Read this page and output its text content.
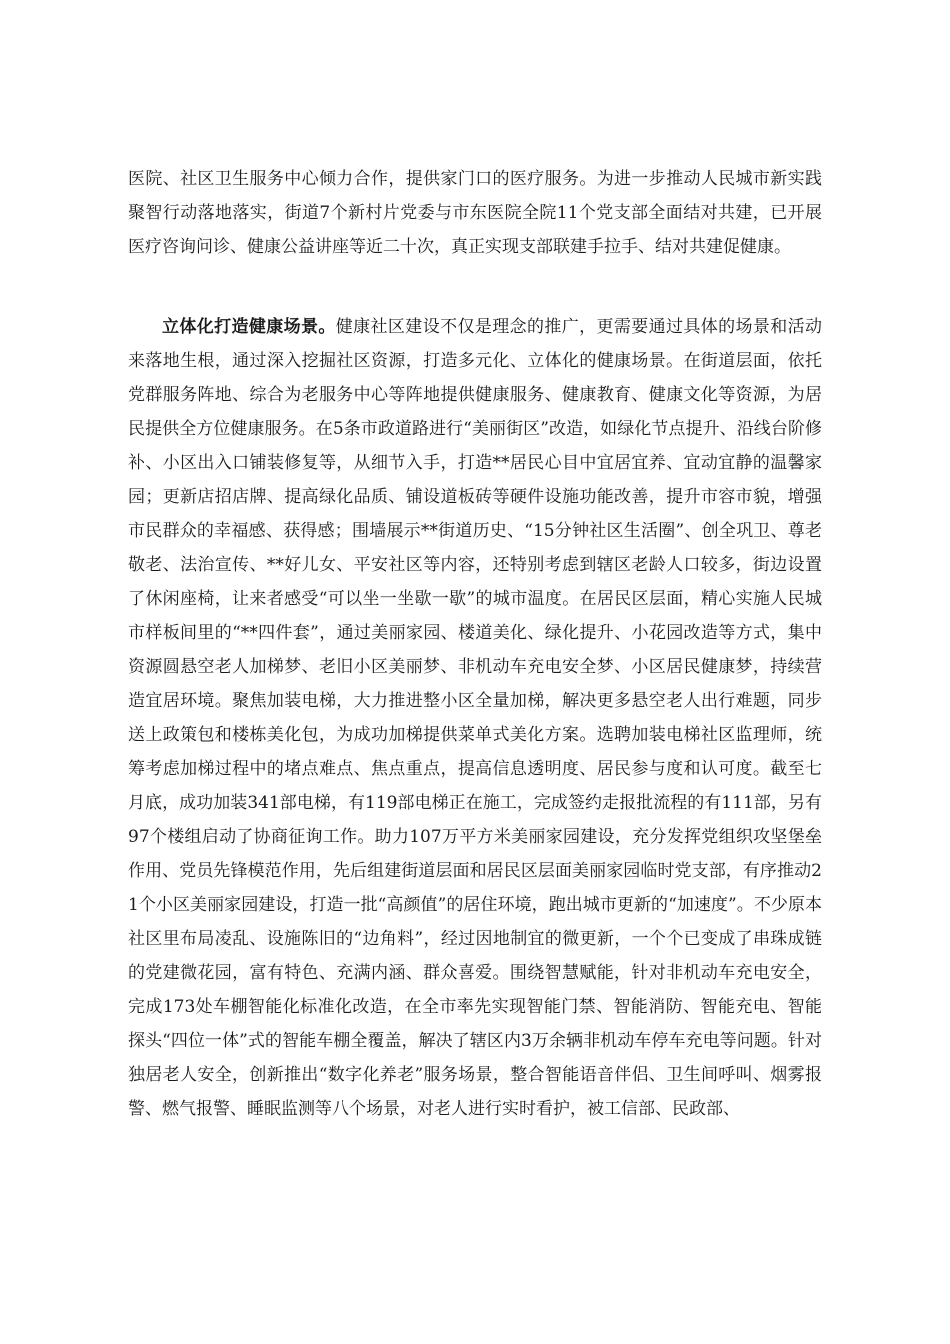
医院、社区卫生服务中心倾力合作，提供家门口的医疗服务。为进一步推动人民城市新实践聚智行动落地落实，街道7个新村片党委与市东医院全院11个党支部全面结对共建，已开展医疗咨询问诊、健康公益讲座等近二十次，真正实现支部联建手拉手、结对共建促健康。

立体化打造健康场景。健康社区建设不仅是理念的推广，更需要通过具体的场景和活动来落地生根，通过深入挖掘社区资源，打造多元化、立体化的健康场景。在街道层面，依托党群服务阵地、综合为老服务中心等阵地提供健康服务、健康教育、健康文化等资源，为居民提供全方位健康服务。在5条市政道路进行“美丽街区”改造，如绿化节点提升、沿线台阶修补、小区出入口铺装修复等，从细节入手，打造**居民心目中宜居宜养、宜动宜静的温馨家园；更新店招店牌、提高绿化品质、铺设道板砖等硬件设施功能改善，提升市容市貌，增强市民群众的幸福感、获得感；围墙展示**街道历史、“15分钟社区生活圈”、创全巩卫、尊老敬老、法治宣传、**好儿女、平安社区等内容，还特别考虑到辖区老龄人口较多，街边设置了休闲座椅，让来者感受“可以坐一坐歇一歇”的城市温度。在居民区层面，精心实施人民城市样板间里的“**四件套”，通过美丽家园、楼道美化、绿化提升、小花园改造等方式，集中资源圆悬空老人加梯梦、老旧小区美丽梦、非机动车充电安全梦、小区居民健康梦，持续营造宜居环境。聚焦加装电梯，大力推进整小区全量加梯，解决更多悬空老人出行难题，同步送上政策包和楼栋美化包，为成功加梯提供菜单式美化方案。选聘加装电梯社区监理师，统筹考虑加梯过程中的堵点难点、焦点重点，提高信息透明度、居民参与度和认可度。截至七月底，成功加装341部电梯，有119部电梯正在施工，完成签约走报批流程的有111部，另有97个楼组启动了协商征询工作。助力107万平方米美丽家园建设，充分发挥党组织攻坚堡垒作用、党员先锋模范作用，先后组建街道层面和居民区层面美丽家园临时党支部，有序推动21个小区美丽家园建设，打造一批“高颜值”的居住环境，跑出城市更新的“加速度”。不少原本社区里布局凌乱、设施陈旧的“边角料”，经过因地制宜的微更新，一个个已变成了串珠成链的党建微花园，富有特色、充满内涵、群众喜爱。围绕智慧赋能，针对非机动车充电安全，完成173处车棚智能化标准化改造，在全市率先实现智能门禁、智能消防、智能充电、智能探头“四位一体”式的智能车棚全覆盖，解决了辖区内3万余辆非机动车停车充电等问题。针对独居老人安全，创新推出“数字化养老”服务场景，整合智能语音伴侣、卫生间呼叫、烟雾报警、燃气报警、睡眠监测等八个场景，对老人进行实时看护，被工信部、民政部、
